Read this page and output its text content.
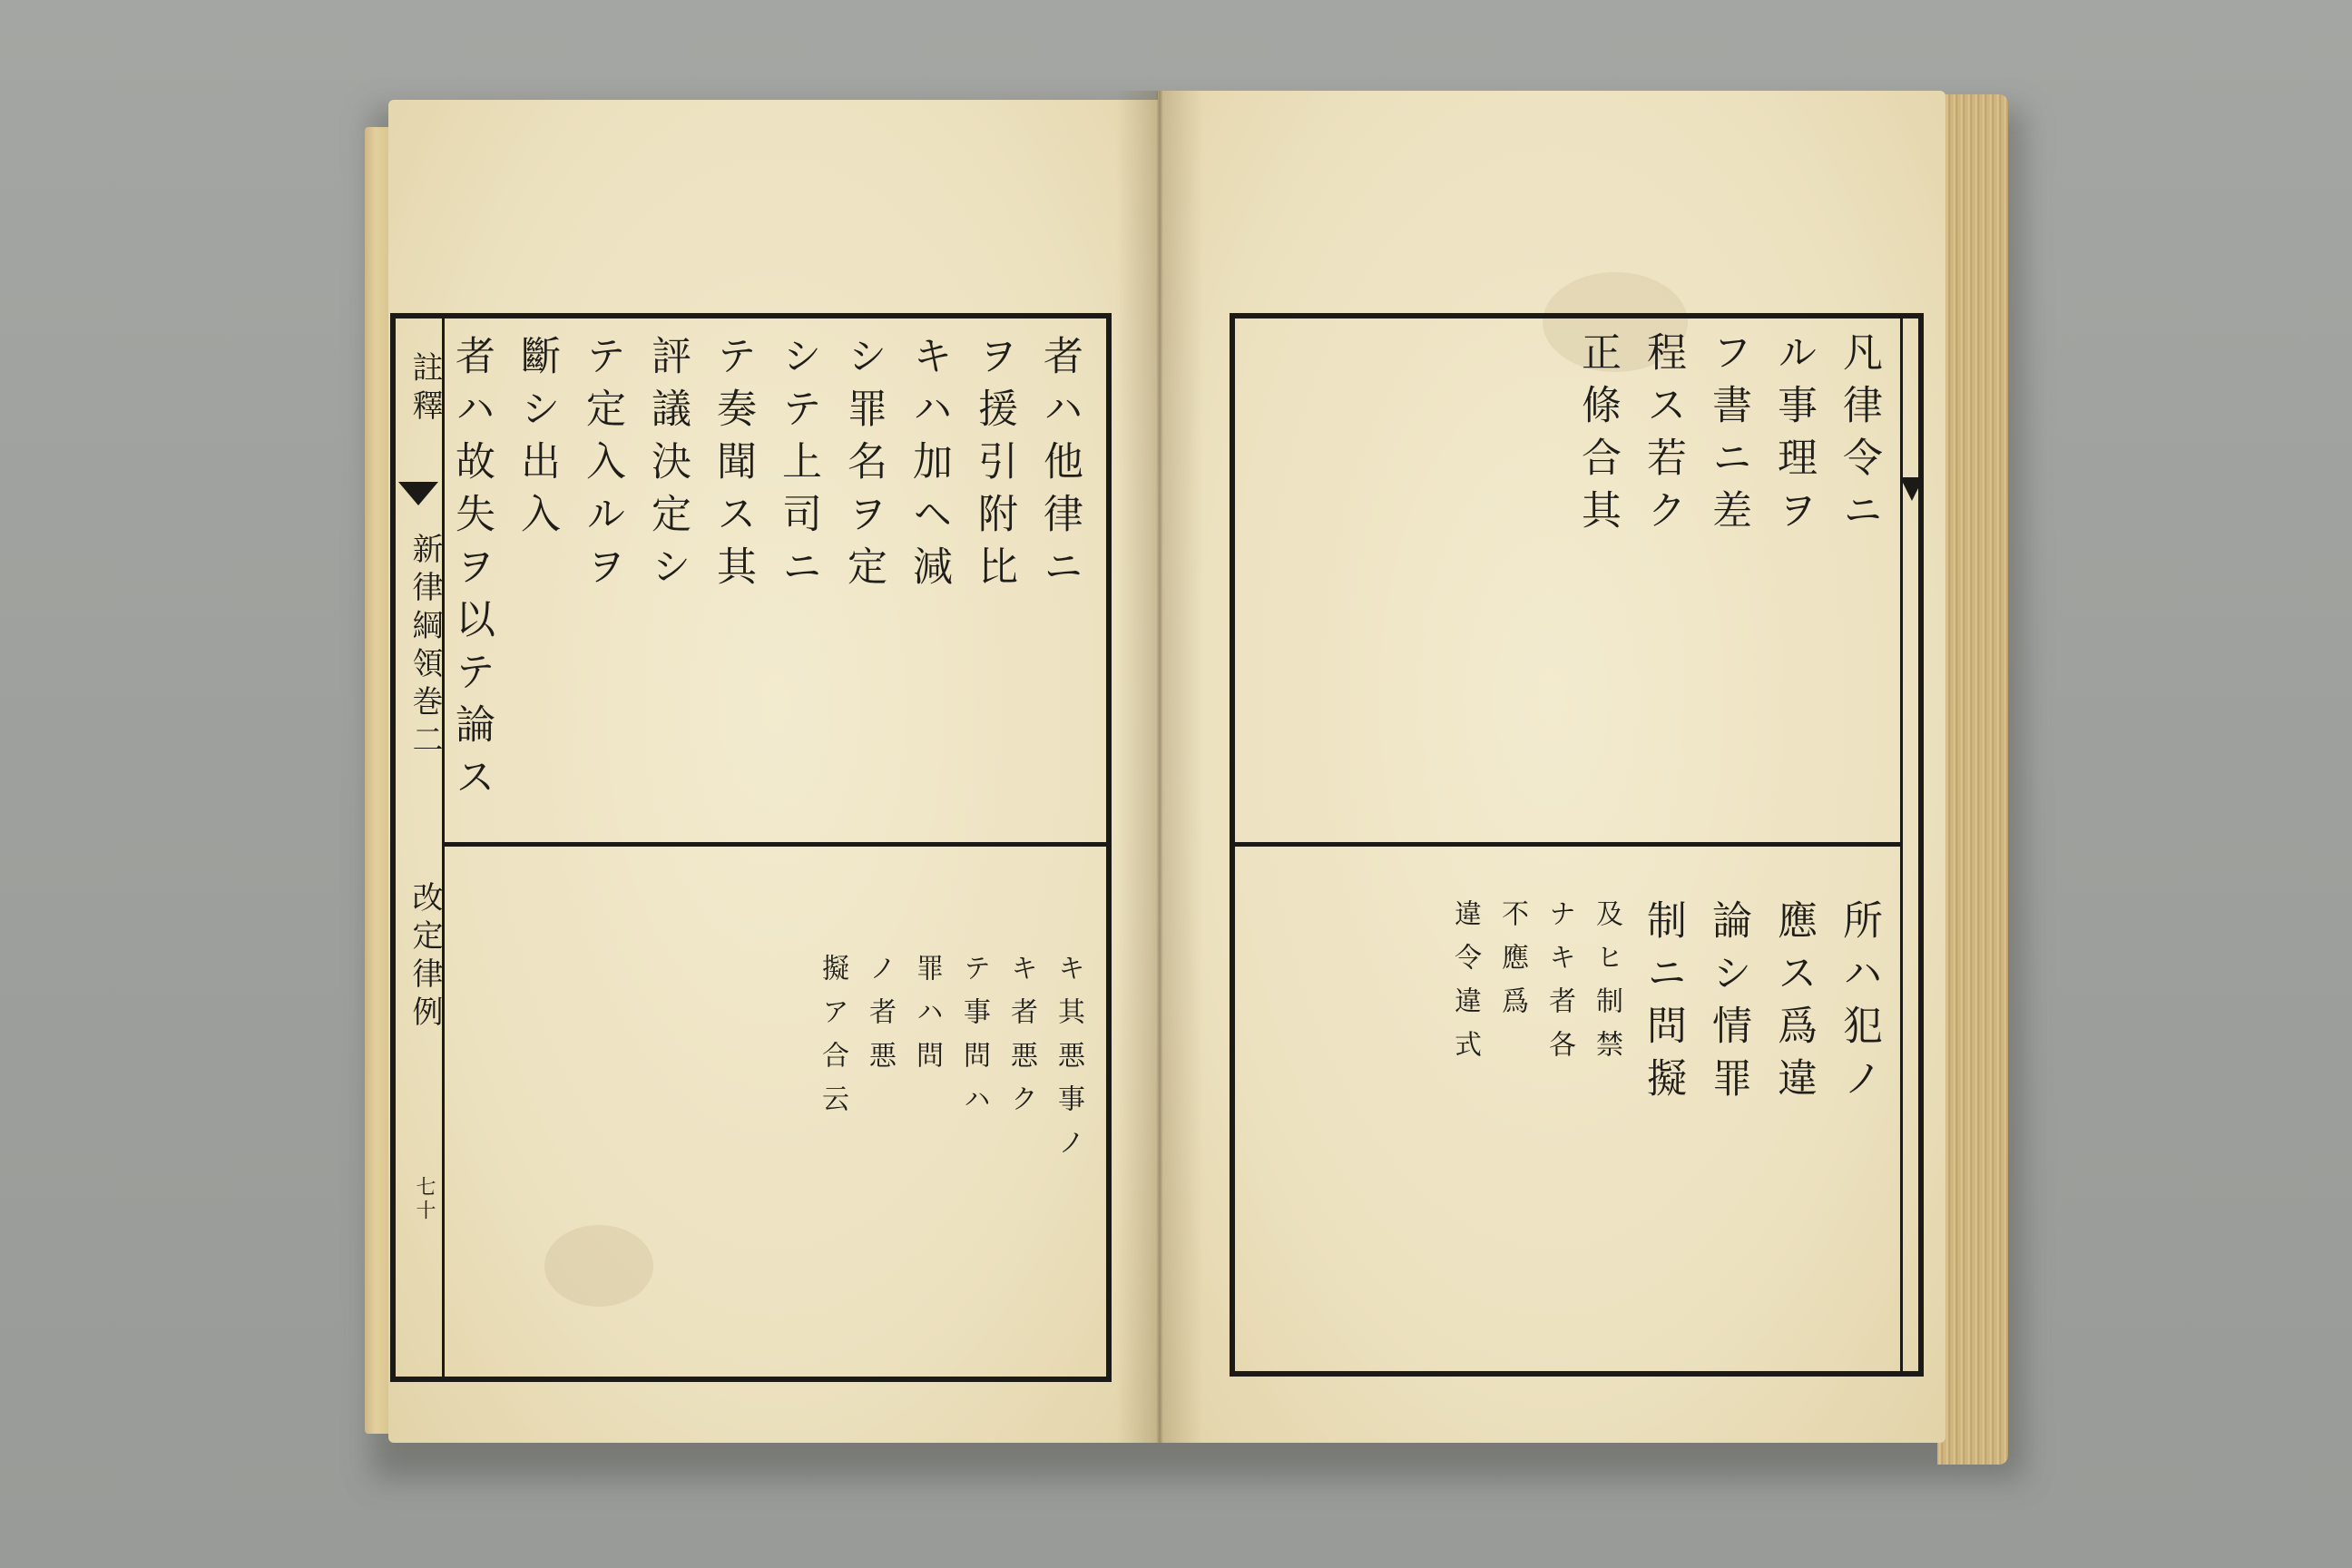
註釋
新律綱領巻二
改定律例
七十
者ハ他律ニ
ヲ援引附比
キハ加ヘ減
シ罪名ヲ定
シテ上司ニ
テ奏聞ス其
評議決定シ
テ定入ルヲ
斷シ出入
者ハ故失ヲ以テ論ス
キ其悪事ノ
キ者悪ク
テ事問ハ
罪ハ問
ノ者悪
擬ア合云
凡律令ニ
ル事理ヲ
フ書ニ差
程ス若ク
正條合其
所ハ犯ノ
應ス爲違
論シ情罪
制ニ問擬
及ヒ制禁
ナキ者各
不應爲
違令違式
